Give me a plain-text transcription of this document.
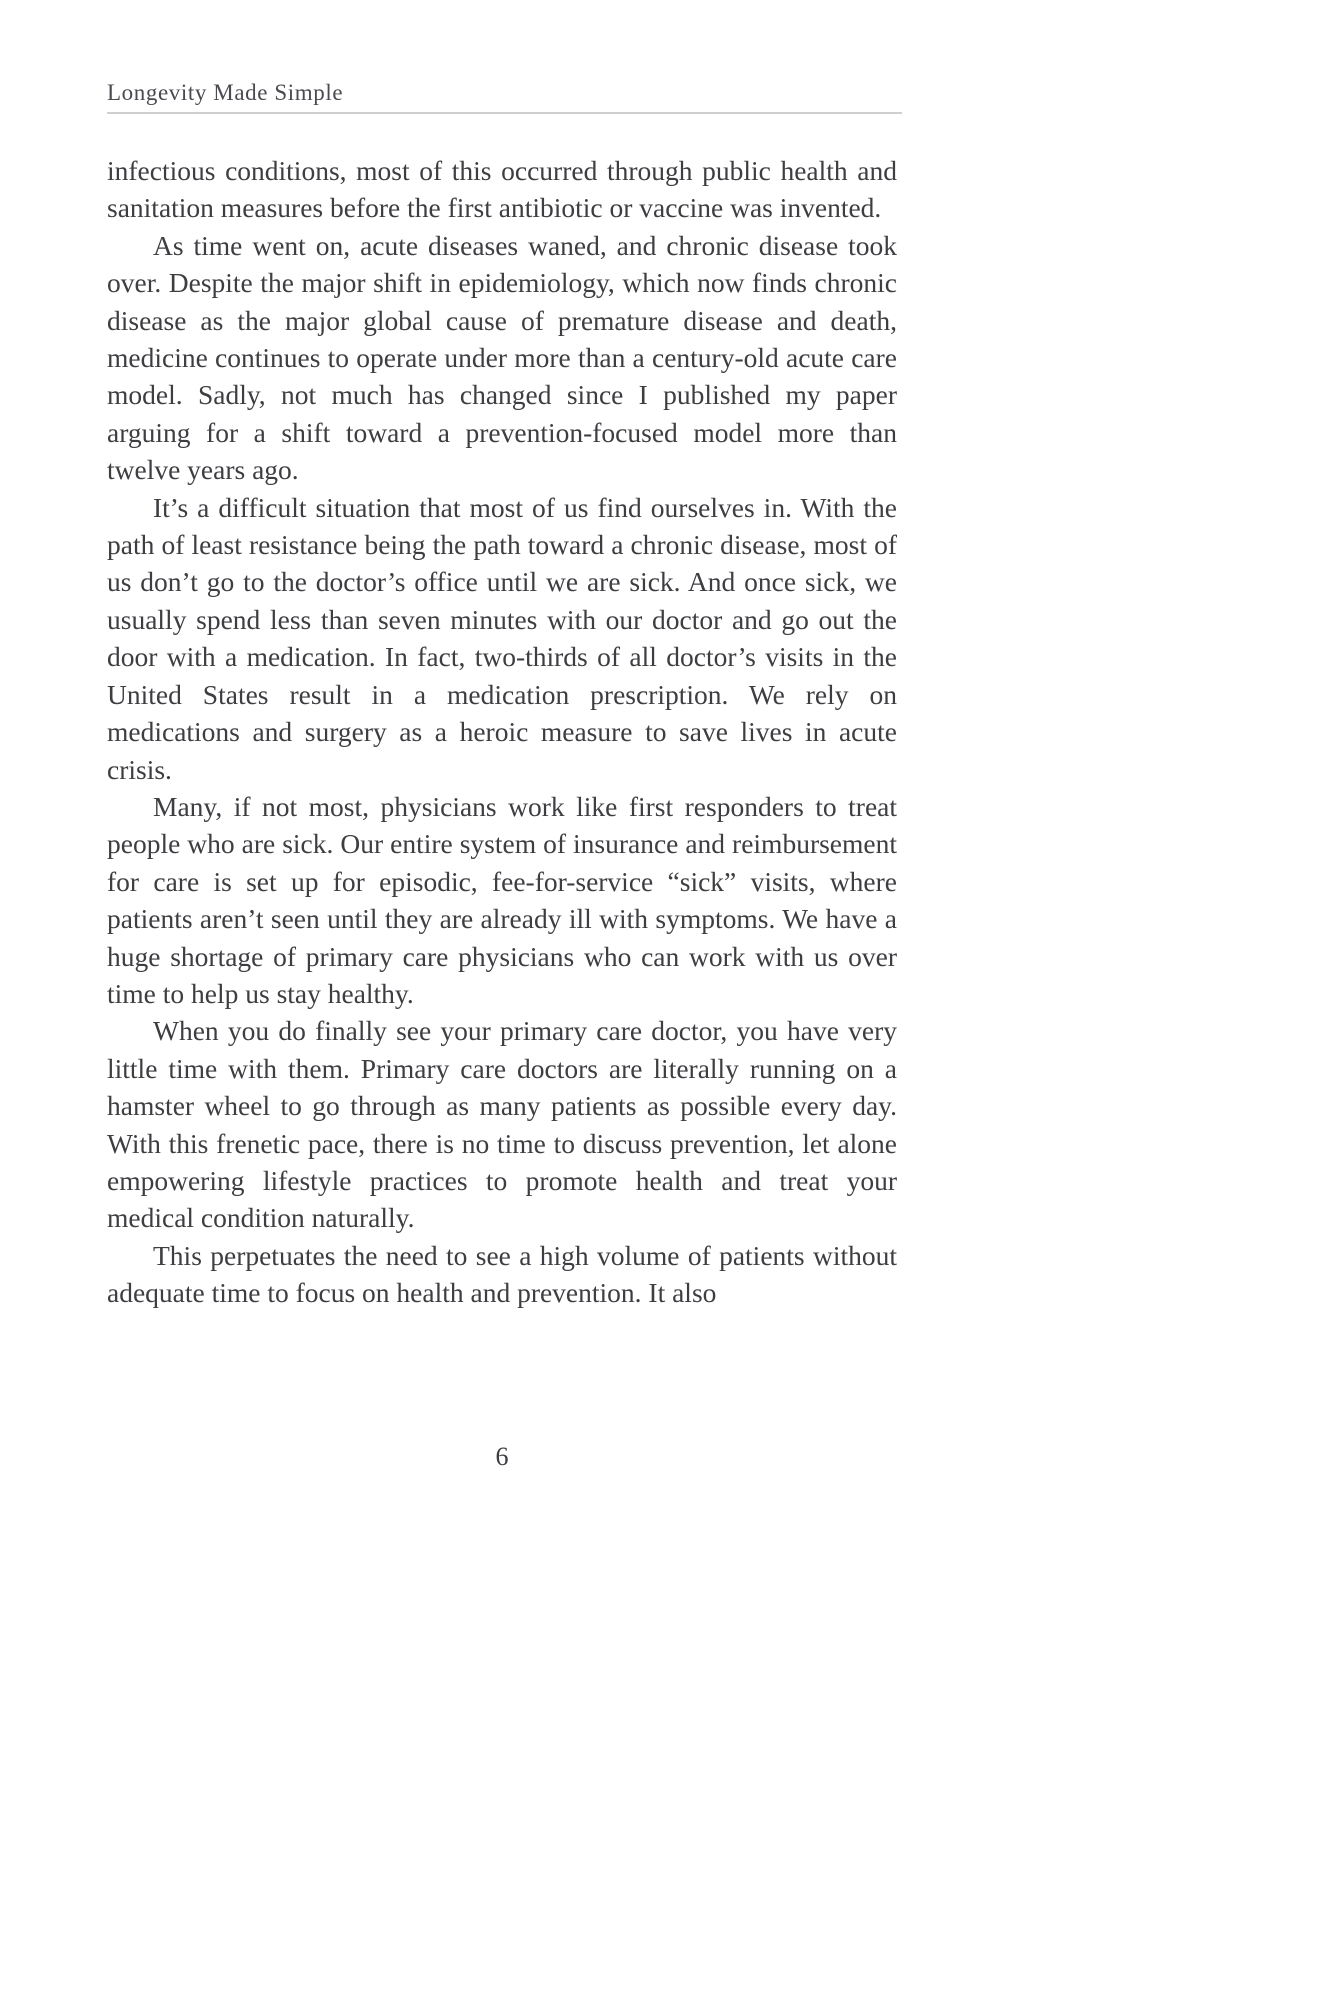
Longevity Made Simple

infectious conditions, most of this occurred through public health and sanitation measures before the first antibiotic or vaccine was invented.

As time went on, acute diseases waned, and chronic disease took over. Despite the major shift in epidemiology, which now finds chronic disease as the major global cause of premature disease and death, medicine continues to operate under more than a century-old acute care model. Sadly, not much has changed since I published my paper arguing for a shift toward a prevention-focused model more than twelve years ago.

It’s a difficult situation that most of us find ourselves in. With the path of least resistance being the path toward a chronic disease, most of us don’t go to the doctor’s office until we are sick. And once sick, we usually spend less than seven minutes with our doctor and go out the door with a medication. In fact, two-thirds of all doctor’s visits in the United States result in a medication prescription. We rely on medications and surgery as a heroic measure to save lives in acute crisis.

Many, if not most, physicians work like first responders to treat people who are sick. Our entire system of insurance and reimbursement for care is set up for episodic, fee-for-service “sick” visits, where patients aren’t seen until they are already ill with symptoms. We have a huge shortage of primary care physicians who can work with us over time to help us stay healthy.

When you do finally see your primary care doctor, you have very little time with them. Primary care doctors are literally running on a hamster wheel to go through as many patients as possible every day. With this frenetic pace, there is no time to discuss prevention, let alone empowering lifestyle practices to promote health and treat your medical condition naturally.

This perpetuates the need to see a high volume of patients without adequate time to focus on health and prevention. It also

6
